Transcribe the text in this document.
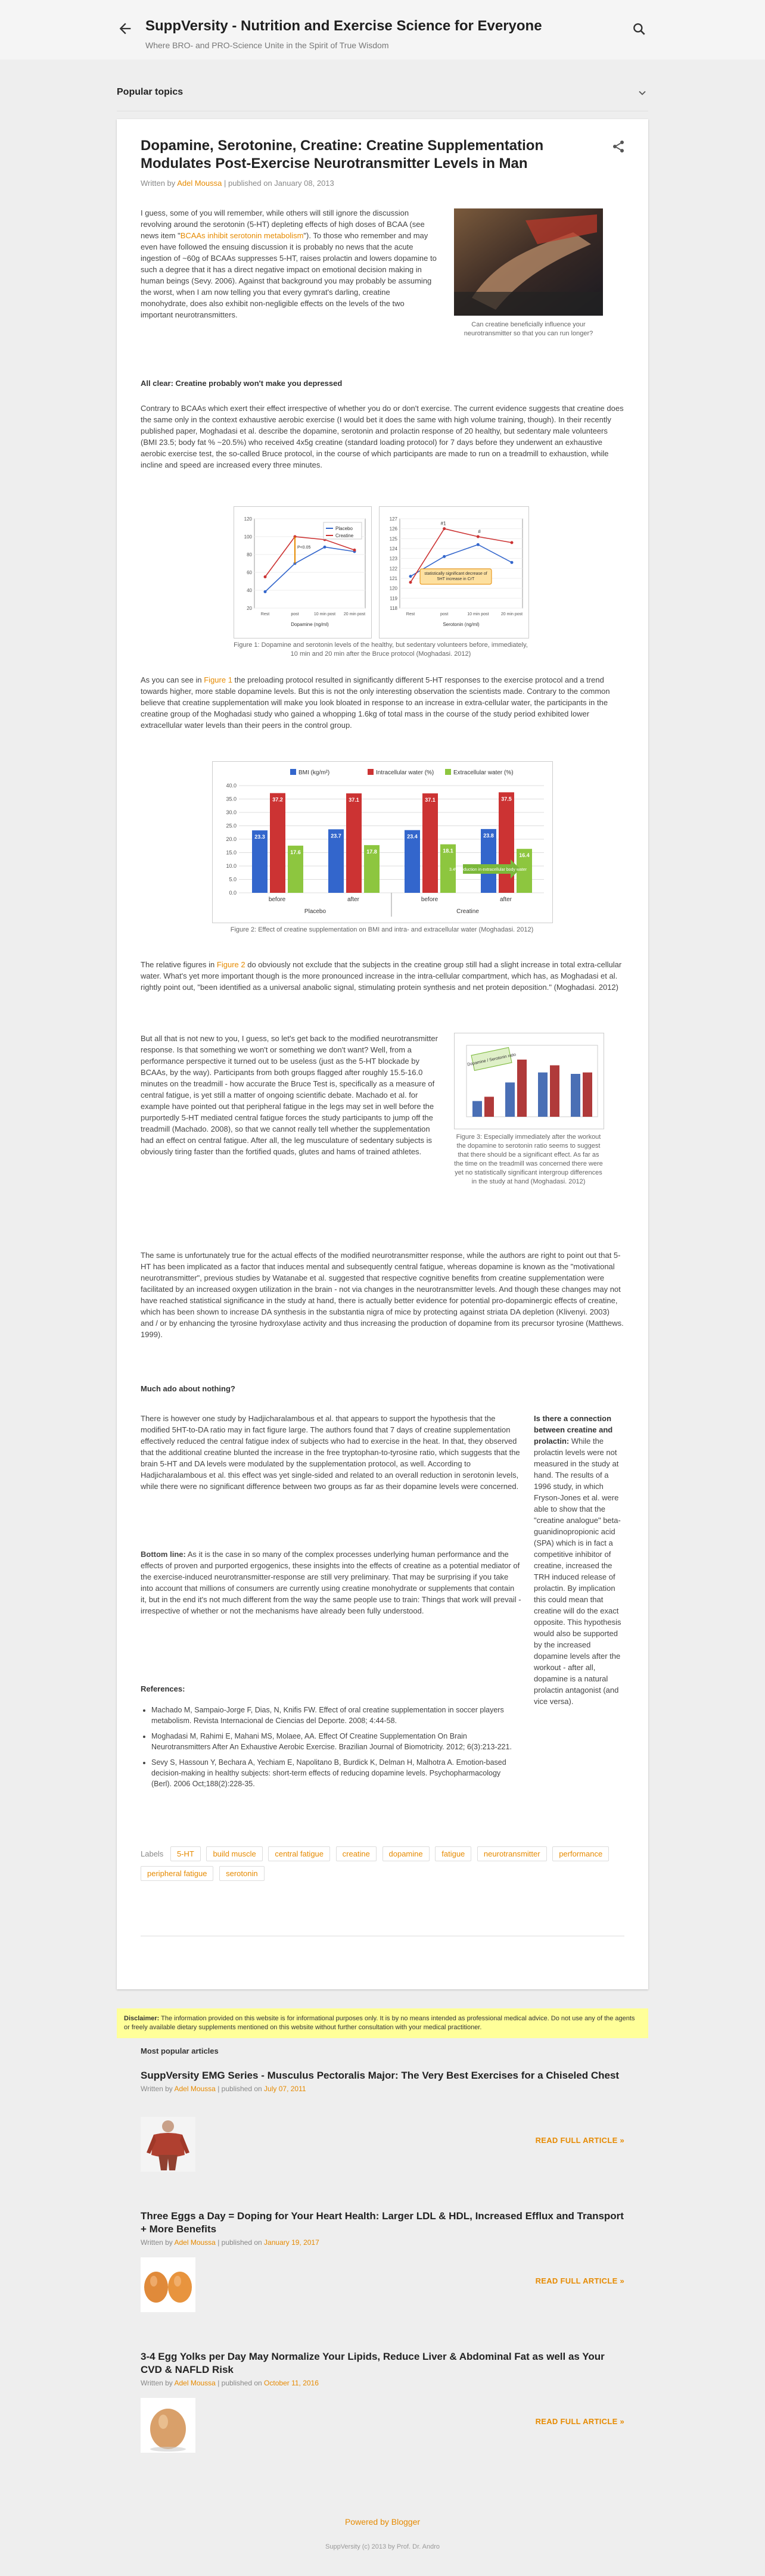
SuppVersity - Nutrition and Exercise Science for Everyone
Where BRO- and PRO-Science Unite in the Spirit of True Wisdom
Popular topics
Dopamine, Serotonine, Creatine: Creatine Supplementation Modulates Post-Exercise Neurotransmitter Levels in Man
Written by Adel Moussa | published on January 08, 2013
I guess, some of you will remember, while others will still ignore the discussion revolving around the serotonin (5-HT) depleting effects of high doses of BCAA (see news item "BCAAs inhibit serotonin metabolism"). To those who remember and may even have followed the ensuing discussion it is probably no news that the acute ingestion of ~60g of BCAAs suppresses 5-HT, raises prolactin and lowers dopamine to such a degree that it has a direct negative impact on emotional decision making in human beings (Sevy. 2006). Against that background you may probably be assuming the worst, when I am now telling you that every gymrat's darling, creatine monohydrate, does also exhibit non-negligible effects on the levels of the two important neurotransmitters.
Can creatine beneficially influence your neurotransmitter so that you can run longer?
All clear: Creatine probably won't make you depressed
Contrary to BCAAs which exert their effect irrespective of whether you do or don't exercise. The current evidence suggests that creatine does the same only in the context exhaustive aerobic exercise (I would bet it does the same with high volume training, though). In their recently published paper, Moghadasi et al. describe the dopamine, serotonin and prolactin response of 20 healthy, but sedentary male volunteers (BMI 23.5; body fat % ~20.5%) who received 4x5g creatine (standard loading protocol) for 7 days before they underwent an exhaustive aerobic exercise test, the so-called Bruce protocol, in the course of which participants are made to run on a treadmill to exhaustion, while incline and speed are increased every three minutes.
120
100
80
60
40
20
Rest	post	10 min post 20 min post
Dopamine (ng/ml)
Placebo
Creatine
P<0.05
127
126
125
124
123
122
121
120
119
118
Rest	post	10 min post	20 min post
Serotonin (ng/ml)
#1
#
statistically significant decrease of 5HT increase in CrT
Figure 1: Dopamine and serotonin levels of the healthy, but sedentary volunteers before, immediately, 10 min and 20 min after the Bruce protocol (Moghadasi. 2012)
As you can see in Figure 1 the preloading protocol resulted in significantly different 5-HT responses to the exercise protocol and a trend towards higher, more stable dopamine levels. But this is not the only interesting observation the scientists made. Contrary to the common believe that creatine supplementation will make you look bloated in response to an increase in extra-cellular water, the participants in the creatine group of the Moghadasi study who gained a whopping 1.6kg of total mass in the course of the study period exhibited lower extracellular water levels than their peers in the control group.
BMI (kg/m²)	Intracellular water (%)	Extracellular water (%)
40.0
35.0
30.0
25.0
20.0
15.0
10.0
5.0
0.0
23.3
37.2
17.6
before
23.7
37.1
17.8
after
23.4
37.1
18.1
before
23.8
37.5
16.4
after
Placebo	Creatine
3.4% reduction in extracellular body water
Figure 2: Effect of creatine supplementation on BMI and intra- and extracellular water (Moghadasi. 2012)
The relative figures in Figure 2 do obviously not exclude that the subjects in the creatine group still had a slight increase in total extra-cellular water. What's yet more important though is the more pronounced increase in the intra-cellular compartment, which has, as Moghadasi et al. rightly point out, "been identified as a universal anabolic signal, stimulating protein synthesis and net protein deposition." (Moghadasi. 2012)
But all that is not new to you, I guess, so let's get back to the modified neurotransmitter response. Is that something we won't or something we don't want? Well, from a performance perspective it turned out to be useless (just as the 5-HT blockade by BCAAs, by the way). Participants from both groups flagged after roughly 15.5-16.0 minutes on the treadmill - how accurate the Bruce Test is, specifically as a measure of central fatigue, is yet still a matter of ongoing scientific debate. Machado et al. for example have pointed out that peripheral fatigue in the legs may set in well before the purportedly 5-HT mediated central fatigue forces the study participants to jump off the treadmill (Machado. 2008), so that we cannot really tell whether the supplementation had an effect on central fatigue. After all, the leg musculature of sedentary subjects is obviously tiring faster than the fortified quads, glutes and hams of trained athletes.
Dopamine / Serotonin ratio
Figure 3: Especially immediately after the workout the dopamine to serotonin ratio seems to suggest that there should be a significant effect. As far as the time on the treadmill was concerned there were yet no statistically significant intergroup differences in the study at hand (Moghadasi. 2012)
The same is unfortunately true for the actual effects of the modified neurotransmitter response, while the authors are right to point out that 5-HT has been implicated as a factor that induces mental and subsequently central fatigue, whereas dopamine is known as the "motivational neurotransmitter", previous studies by Watanabe et al. suggested that respective cognitive benefits from creatine supplementation were facilitated by an increased oxygen utilization in the brain - not via changes in the neurotransmitter levels. And though these changes may not have reached statistical significance in the study at hand, there is actually better evidence for potential pro-dopaminergic effects of creatine, which has been shown to increase DA synthesis in the substantia nigra of mice by protecting against striata DA depletion (Klivenyi. 2003) and / or by enhancing the tyrosine hydroxylase activity and thus increasing the production of dopamine from its precursor tyrosine (Matthews. 1999).
Much ado about nothing?
There is however one study by Hadjicharalambous et al. that appears to support the hypothesis that the modified 5HT-to-DA ratio may in fact figure large. The authors found that 7 days of creatine supplementation effectively reduced the central fatigue index of subjects who had to exercise in the heat. In that, they observed that the additional creatine blunted the increase in the free tryptophan-to-tyrosine ratio, which suggests that the brain 5-HT and DA levels were modulated by the supplementation protocol, as well. According to Hadjicharalambous et al. this effect was yet single-sided and related to an overall reduction in serotonin levels, while there were no significant difference between two groups as far as their dopamine levels were concerned.
Bottom line: As it is the case in so many of the complex processes underlying human performance and the effects of proven and purported ergogenics, these insights into the effects of creatine as a potential mediator of the exercise-induced neurotransmitter-response are still very preliminary. That may be surprising if you take into account that millions of consumers are currently using creatine monohydrate or supplements that contain it, but in the end it's not much different from the way the same people use to train: Things that work will prevail - irrespective of whether or not the mechanisms have already been fully understood.
Is there a connection between creatine and prolactin: While the prolactin levels were not measured in the study at hand. The results of a 1996 study, in which Fryson-Jones et al. were able to show that the "creatine analogue" beta-guanidinopropionic acid (SPA) which is in fact a competitive inhibitor of creatine, increased the TRH induced release of prolactin. By implication this could mean that creatine will do the exact opposite. This hypothesis would also be supported by the increased dopamine levels after the workout - after all, dopamine is a natural prolactin antagonist (and vice versa).
References:
• Machado M, Sampaio-Jorge F, Dias, N, Knifis FW. Effect of oral creatine supplementation in soccer players metabolism. Revista Internacional de Ciencias del Deporte. 2008; 4:44-58.
• Moghadasi M, Rahimi E, Mahani MS, Molaee, AA. Effect Of Creatine Supplementation On Brain Neurotransmitters After An Exhaustive Aerobic Exercise. Brazilian Journal of Biomotricity. 2012; 6(3):213-221.
• Sevy S, Hassoun Y, Bechara A, Yechiam E, Napolitano B, Burdick K, Delman H, Malhotra A. Emotion-based decision-making in healthy subjects: short-term effects of reducing dopamine levels. Psychopharmacology (Berl). 2006 Oct;188(2):228-35.
Labels 5-HT build muscle central fatigue creatine dopamine fatigue neurotransmitter performance peripheral fatigue serotonin
Disclaimer: The information provided on this website is for informational purposes only. It is by no means intended as professional medical advice. Do not use any of the agents or freely available dietary supplements mentioned on this website without further consultation with your medical practitioner.
Most popular articles
SuppVersity EMG Series - Musculus Pectoralis Major: The Very Best Exercises for a Chiseled Chest
Written by Adel Moussa | published on July 07, 2011
READ FULL ARTICLE »
Three Eggs a Day = Doping for Your Heart Health: Larger LDL & HDL, Increased Efflux and Transport + More Benefits
Written by Adel Moussa | published on January 19, 2017
READ FULL ARTICLE »
3-4 Egg Yolks per Day May Normalize Your Lipids, Reduce Liver & Abdominal Fat as well as Your CVD & NAFLD Risk
Written by Adel Moussa | published on October 11, 2016
READ FULL ARTICLE »
Powered by Blogger
SuppVersity (c) 2013 by Prof. Dr. Andro
